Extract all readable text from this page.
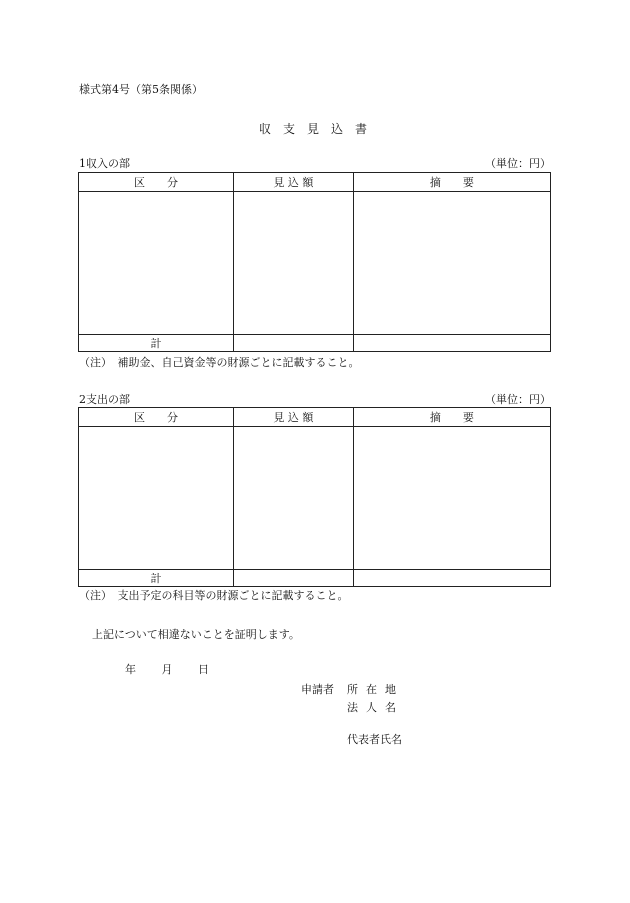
様式第4号（第5条関係）
収支見込書
1収入の部	（単位：円）
区　　分	見 込 額	摘　　要

計		
（注）　補助金、自己資金等の財源ごとに記載すること。
2支出の部	（単位：円）
区　　分	見 込 額	摘　　要

計		
（注）　支出予定の科目等の財源ごとに記載すること。
上記について相違ないことを証明します。
年 月 日
申請者 所在地
法人名
代表者氏名
